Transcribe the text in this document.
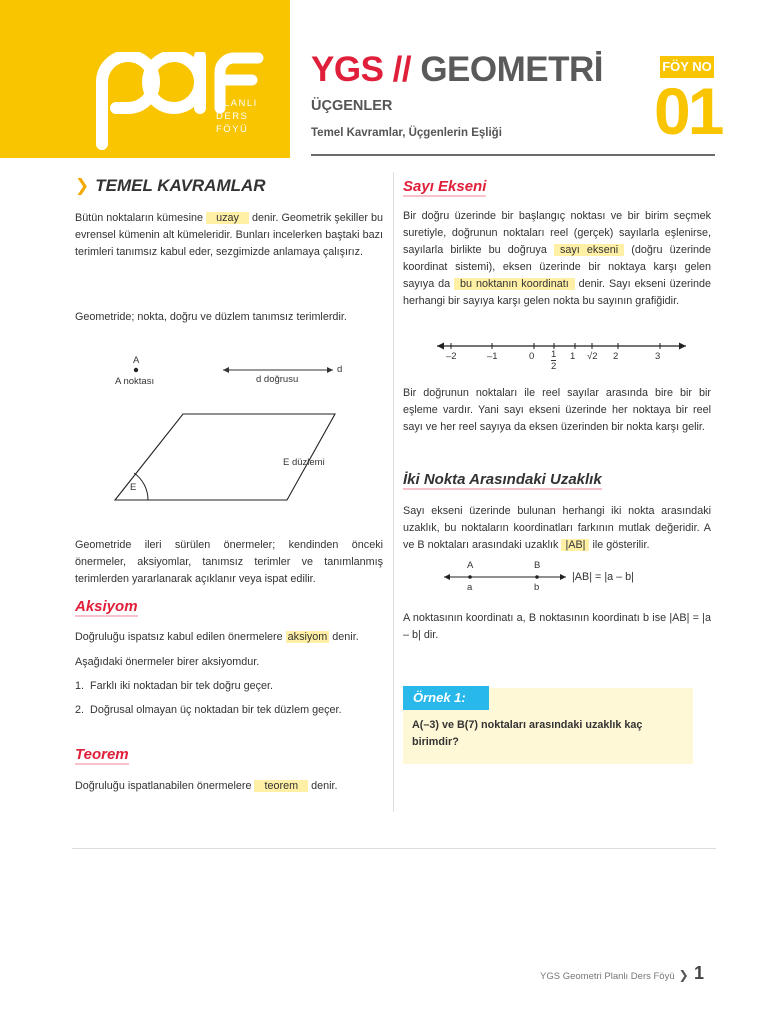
PLANLI
DERS
FÖYÜ
YGS // GEOMETRİ
ÜÇGENLER
Temel Kavramlar, Üçgenlerin Eşliği
FÖY NO
01
❯ TEMEL KAVRAMLAR
Bütün noktaların kümesine uzay denir. Geometrik şekiller bu evrensel kümenin alt kümeleridir. Bunları incelerken baştaki bazı terimleri tanımsız kabul eder, sezgimizde anlamaya çalışırız.
Geometride; nokta, doğru ve düzlem tanımsız terimlerdir.
A
A noktası
d
d doğrusu
E düzlemi
E
Geometride ileri sürülen önermeler; kendinden önceki önermeler, aksiyomlar, tanımsız terimler ve tanımlanmış terimlerden yararlanarak açıklanır veya ispat edilir.
Aksiyom
Doğruluğu ispatsız kabul edilen önermelere aksiyom denir.
Aşağıdaki önermeler birer aksiyomdur.
1. Farklı iki noktadan bir tek doğru geçer.
2. Doğrusal olmayan üç noktadan bir tek düzlem geçer.
Teorem
Doğruluğu ispatlanabilen önermelere teorem denir.
Sayı Ekseni
Bir doğru üzerinde bir başlangıç noktası ve bir birim seçmek suretiyle, doğrunun noktaları reel (gerçek) sayılarla eşlenirse, sayılarla birlikte bu doğruya sayı ekseni (doğru üzerinde koordinat sistemi), eksen üzerinde bir noktaya karşı gelen sayıya da bu noktanın koordinatı denir. Sayı ekseni üzerinde herhangi bir sayıya karşı gelen nokta bu sayının grafiğidir.
–2	–1	0	1 √2 2	3
1
2
Bir doğrunun noktaları ile reel sayılar arasında bire bir bir eşleme vardır. Yani sayı ekseni üzerinde her noktaya bir reel sayı ve her reel sayıya da eksen üzerinden bir nokta karşı gelir.
İki Nokta Arasındaki Uzaklık
Sayı ekseni üzerinde bulunan herhangi iki nokta arasındaki uzaklık, bu noktaların koordinatları farkının mutlak değeridir. A ve B noktaları arasındaki uzaklık |AB| ile gösterilir.
A	B
a	b
|AB| = |a – b|
A noktasının koordinatı a, B noktasının koordinatı b ise |AB| = |a – b| dir.
Örnek 1:
A(–3) ve B(7) noktaları arasındaki uzaklık kaç birimdir?
YGS Geometri Planlı Ders Föyü ❯ 1
